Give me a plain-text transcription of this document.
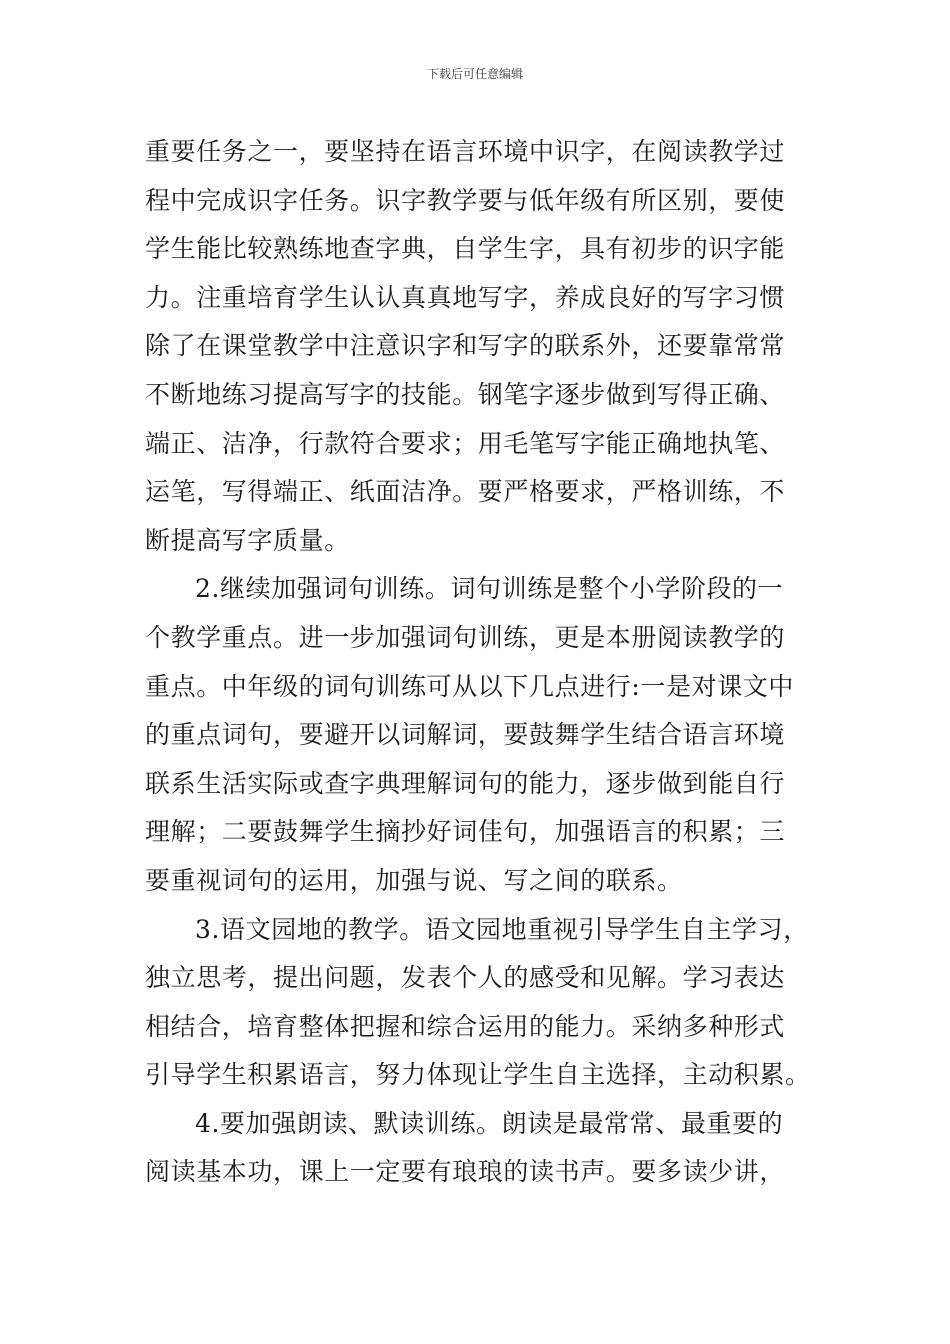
下载后可任意编辑
重要任务之一，要坚持在语言环境中识字，在阅读教学过
程中完成识字任务。识字教学要与低年级有所区别，要使
学生能比较熟练地查字典，自学生字，具有初步的识字能
力。注重培育学生认认真真地写字，养成良好的写字习惯
除了在课堂教学中注意识字和写字的联系外，还要靠常常
不断地练习提高写字的技能。钢笔字逐步做到写得正确、
端正、洁净，行款符合要求；用毛笔写字能正确地执笔、
运笔，写得端正、纸面洁净。要严格要求，严格训练，不
断提高写字质量。
2.继续加强词句训练。词句训练是整个小学阶段的一
个教学重点。进一步加强词句训练，更是本册阅读教学的
重点。中年级的词句训练可从以下几点进行:一是对课文中
的重点词句，要避开以词解词，要鼓舞学生结合语言环境
联系生活实际或查字典理解词句的能力，逐步做到能自行
理解；二要鼓舞学生摘抄好词佳句，加强语言的积累；三
要重视词句的运用，加强与说、写之间的联系。
3.语文园地的教学。语文园地重视引导学生自主学习，
独立思考，提出问题，发表个人的感受和见解。学习表达
相结合，培育整体把握和综合运用的能力。采纳多种形式
引导学生积累语言，努力体现让学生自主选择，主动积累。
4.要加强朗读、默读训练。朗读是最常常、最重要的
阅读基本功，课上一定要有琅琅的读书声。要多读少讲，
